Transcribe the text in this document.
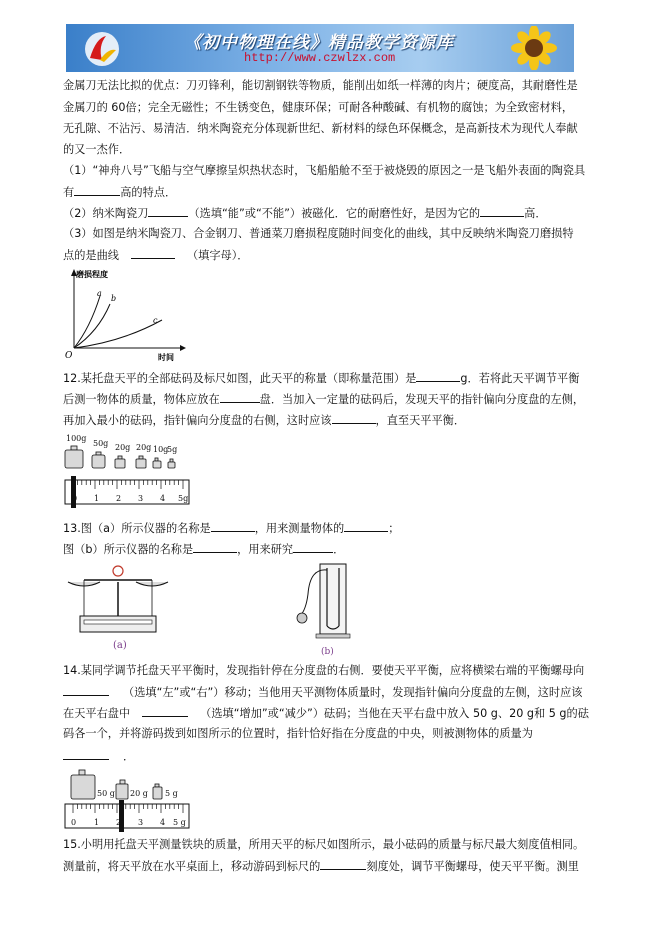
《初中物理在线》精品教学资源库
http://www.czwlzx.com
金属刀无法比拟的优点：刀刃锋利，能切割钢铁等物质，能削出如纸一样薄的肉片；硬度高，其耐磨性是
金属刀的 60倍；完全无磁性；不生锈变色，健康环保；可耐各种酸碱、有机物的腐蚀；为全致密材料，
无孔隙、不沾污、易清洁．纳米陶瓷充分体现新世纪、新材料的绿色环保概念，是高新技术为现代人奉献
的又一杰作．
（1）“神舟八号”飞船与空气摩擦呈炽热状态时，飞船船舱不至于被烧毁的原因之一是飞船外表面的陶瓷具
有	高的特点．
（2）纳米陶瓷刀	（选填“能”或“不能”）被磁化．它的耐磨性好，是因为它的	高．
（3）如图是纳米陶瓷刀、合金钢刀、普通菜刀磨损程度随时间变化的曲线，其中反映纳米陶瓷刀磨损特
点的是曲线	（填字母）．
磨损程度
时间
O
a
b
c
12.某托盘天平的全部砝码及标尺如图，此天平的称量（即称量范围）是	g．若将此天平调节平衡
后测一物体的质量，物体应放在	盘．当加入一定量的砝码后，发现天平的指针偏向分度盘的左侧，
再加入最小的砝码，指针偏向分度盘的右侧，这时应该	，直至天平平衡．
100g
50g 20g 20g 10g
5g
0 1 2 3 4 5g
13.图（a）所示仪器的名称是	，用来测量物体的	；
图（b）所示仪器的名称是	，用来研究	．
(a)
(b)
14.某同学调节托盘天平平衡时，发现指针停在分度盘的右侧．要使天平平衡，应将横梁右端的平衡螺母向
（选填“左”或“右”）移动；当他用天平测物体质量时，发现指针偏向分度盘的左侧，这时应该
在天平右盘中	（选填“增加”或“减少”）砝码；当他在天平右盘中放入 50 g、20 g和 5 g的砝
码各一个，并将游码拨到如图所示的位置时，指针恰好指在分度盘的中央，则被测物体的质量为
．
50 g 20 g 5 g
0 1 2 3 4 5 g
15.小明用托盘天平测量铁块的质量，所用天平的标尺如图所示，最小砝码的质量与标尺最大刻度值相同。
测量前，将天平放在水平桌面上，移动游码到标尺的	刻度处，调节平衡螺母，使天平平衡。测里
